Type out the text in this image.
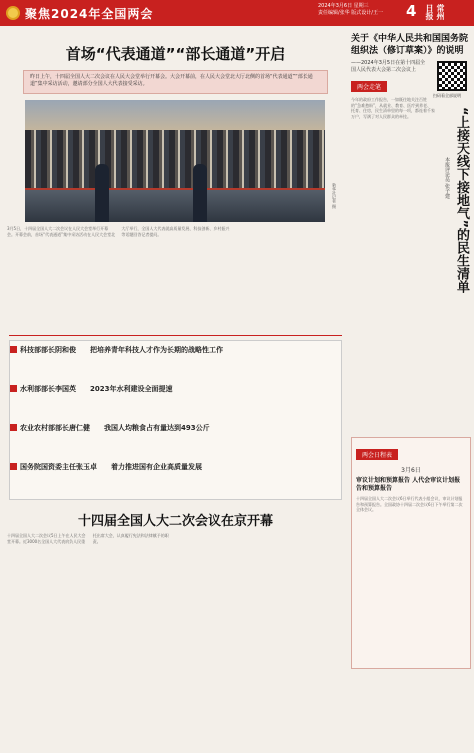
聚焦2024年全国两会
2024年3月6日 星期三
责任编辑/张华 版式设计/王一 4	常州日报
首场“代表通道”“部长通道”开启
昨日上午，十四届全国人大二次会议在人民大会堂举行开幕会。大会开幕前，在人民大会堂北大厅北侧的首场“代表通道”“部长通道”集中采访活动，邀请部分全国人大代表接受采访。
新华社记者 摄
3月5日，十四届全国人大二次会议在人民大会堂举行开幕会。开幕会前，首场“代表通道”集中采访活动在人民大会堂北大厅举行，全国人大代表就高质量发展、科技创新、乡村振兴等话题回答记者提问。
科技部部长阴和俊 把培养青年科技人才作为长期的战略性工作
水利部部长李国英 2023年水利建设全面提速
农业农村部部长唐仁健 我国人均粮食占有量达到493公斤
国务院国资委主任张玉卓 着力推进国有企业高质量发展
十四届全国人大二次会议在京开幕
十四届全国人大二次会议5日上午在人民大会堂开幕。近3000名全国人大代表肩负人民重托出席大会，认真履行宪法和法律赋予的职责。
关于《中华人民共和国国务院组织法（修订草案）》的说明
——2024年3月5日在第十四届全国人民代表大会第二次会议上
扫码看全部说明
两会走笔
今年的政府工作报告，一如既往地关注百姓的“急难愁盼”，从就业、教育、医疗到养老、托育、住房，民生清单里的每一项，都连着千家万户，写满了对人民群众的牵挂。
本报评论员 张子建 “上接天线下接地气”的民生清单
两会日程表
3月6日
审议计划和预算报告 人代会审议计划报告和预算报告
十四届全国人大二次会议6日举行代表小组会议，审议计划报告和预算报告。全国政协十四届二次会议6日下午举行第二次全体会议。
